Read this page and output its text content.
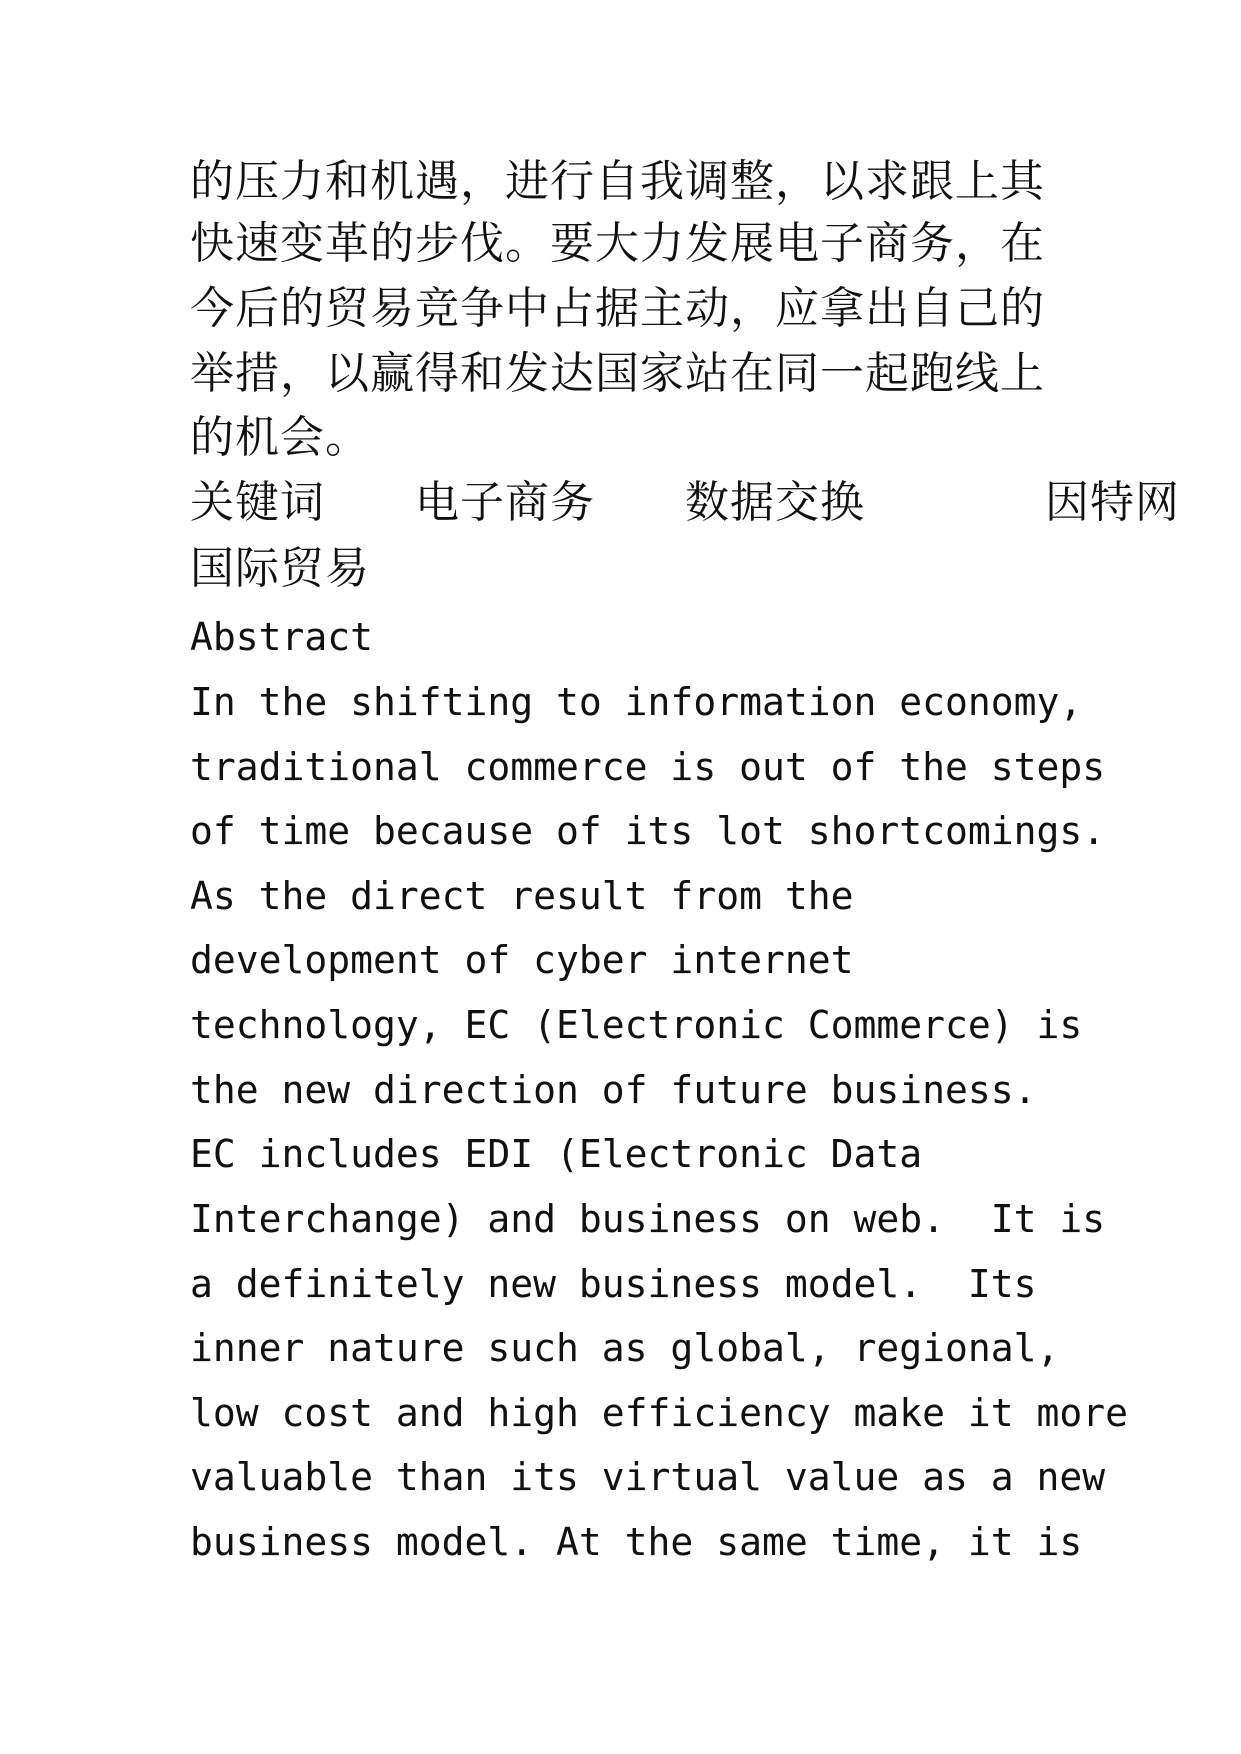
的压力和机遇，进行自我调整，以求跟上其
快速变革的步伐。要大力发展电子商务，在
今后的贸易竞争中占据主动，应拿出自己的
举措，以赢得和发达国家站在同一起跑线上
的机会。
关键词　　电子商务　　数据交换　　　　因特网
国际贸易
Abstract
In the shifting to information economy,
traditional commerce is out of the steps
of time because of its lot shortcomings.
As the direct result from the
development of cyber internet
technology, EC (Electronic Commerce) is
the new direction of future business.
EC includes EDI (Electronic Data
Interchange) and business on web.  It is
a definitely new business model.  Its
inner nature such as global, regional,
low cost and high efficiency make it more
valuable than its virtual value as a new
business model. At the same time, it is
